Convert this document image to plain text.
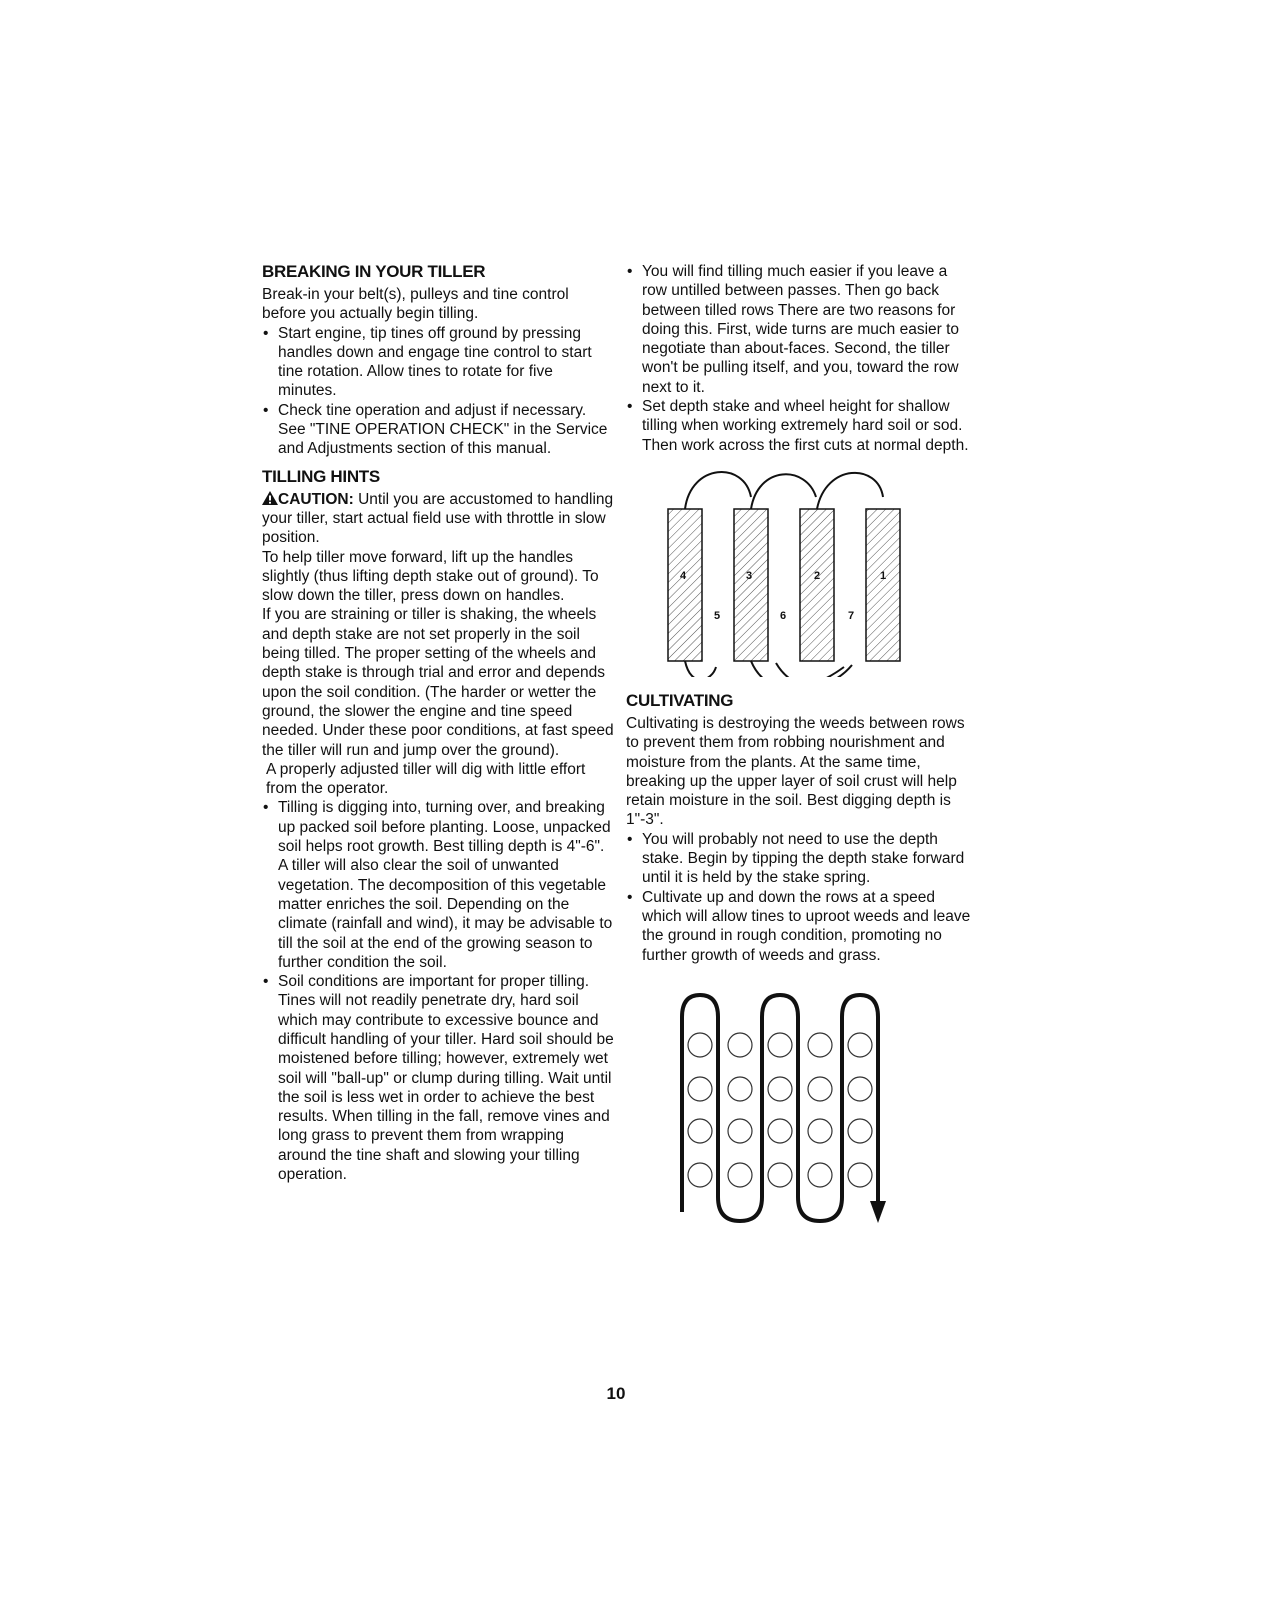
BREAKING IN YOUR TILLER

Break-in your belt(s), pulleys and tine control before you actually begin tilling.

• Start engine, tip tines off ground by pressing handles down and engage tine control to start tine rotation. Allow tines to rotate for five minutes.
• Check tine operation and adjust if necessary. See "TINE OPERATION CHECK" in the Service and Adjustments section of this manual.
TILLING HINTS

CAUTION: Until you are accustomed to handling your tiller, start actual field use with throttle in slow position.

To help tiller move forward, lift up the handles slightly (thus lifting depth stake out of ground). To slow down the tiller, press down on handles.

If you are straining or tiller is shaking, the wheels and depth stake are not set properly in the soil being tilled. The proper setting of the wheels and depth stake is through trial and error and depends upon the soil condition. (The harder or wetter the ground, the slower the engine and tine speed needed. Under these poor conditions, at fast speed the tiller will run and jump over the ground).

A properly adjusted tiller will dig with little effort from the operator.

• Tilling is digging into, turning over, and breaking up packed soil before planting. Loose, unpacked soil helps root growth. Best tilling depth is 4"-6". A tiller will also clear the soil of unwanted vegetation. The decomposition of this vegetable matter enriches the soil. Depending on the climate (rainfall and wind), it may be advisable to till the soil at the end of the growing season to further condition the soil.
• Soil conditions are important for proper tilling. Tines will not readily penetrate dry, hard soil which may contribute to excessive bounce and difficult handling of your tiller. Hard soil should be moistened before tilling; however, extremely wet soil will "ball-up" or clump during tilling. Wait until the soil is less wet in order to achieve the best results. When tilling in the fall, remove vines and long grass to prevent them from wrapping around the tine shaft and slowing your tilling operation.
• You will find tilling much easier if you leave a row untilled between passes. Then go back between tilled rows There are two reasons for doing this. First, wide turns are much easier to negotiate than about-faces. Second, the tiller won't be pulling itself, and you, toward the row next to it.
• Set depth stake and wheel height for shallow tilling when working extremely hard soil or sod. Then work across the first cuts at normal depth.
4	3	2	1
5	6	7
CULTIVATING

Cultivating is destroying the weeds between rows to prevent them from robbing nourishment and moisture from the plants. At the same time, breaking up the upper layer of soil crust will help retain moisture in the soil. Best digging depth is 1"-3".

• You will probably not need to use the depth stake. Begin by tipping the depth stake forward until it is held by the stake spring.
• Cultivate up and down the rows at a speed which will allow tines to uproot weeds and leave the ground in rough condition, promoting no further growth of weeds and grass.
10
